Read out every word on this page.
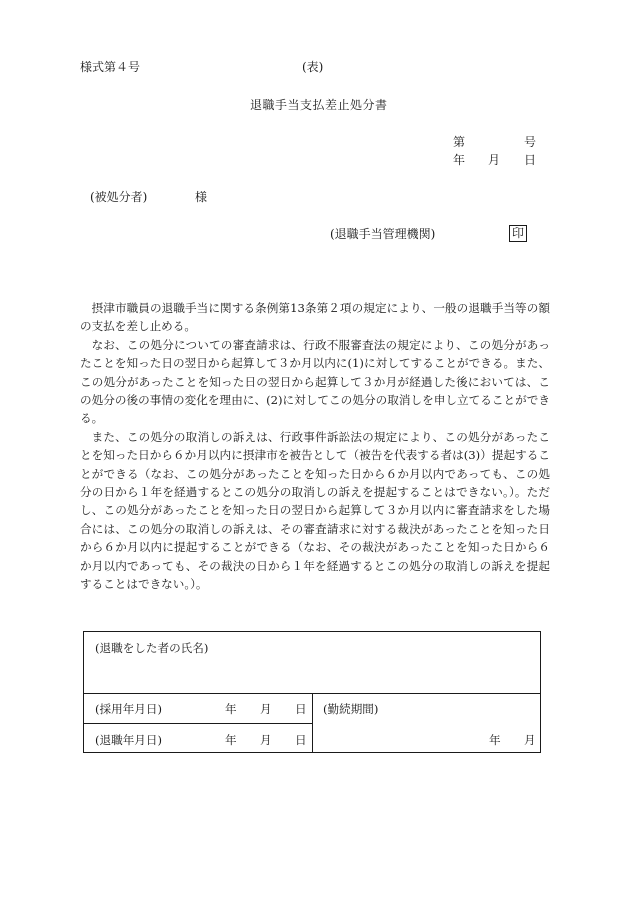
様式第４号	(表)
退職手当支払差止処分書
第	号
年 月 日
(被処分者)	様
(退職手当管理機関)	印

摂津市職員の退職手当に関する条例第13条第２項の規定により、一般の退職手当等の額の支払を差し止める。

なお、この処分についての審査請求は、行政不服審査法の規定により、この処分があったことを知った日の翌日から起算して３か月以内に(1)に対してすることができる。また、この処分があったことを知った日の翌日から起算して３か月が経過した後においては、この処分の後の事情の変化を理由に、(2)に対してこの処分の取消しを申し立てることができる。

また、この処分の取消しの訴えは、行政事件訴訟法の規定により、この処分があったことを知った日から６か月以内に摂津市を被告として（被告を代表する者は(3)）提起することができる（なお、この処分があったことを知った日から６か月以内であっても、この処分の日から１年を経過するとこの処分の取消しの訴えを提起することはできない。）。ただし、この処分があったことを知った日の翌日から起算して３か月以内に審査請求をした場合には、この処分の取消しの訴えは、その審査請求に対する裁決があったことを知った日から６か月以内に提起することができる（なお、その裁決があったことを知った日から６か月以内であっても、その裁決の日から１年を経過するとこの処分の取消しの訴えを提起することはできない。）。

(退職をした者の氏名)
(採用年月日)	年 月 日
(退職年月日)	年 月 日
(勤続期間)
年 月
